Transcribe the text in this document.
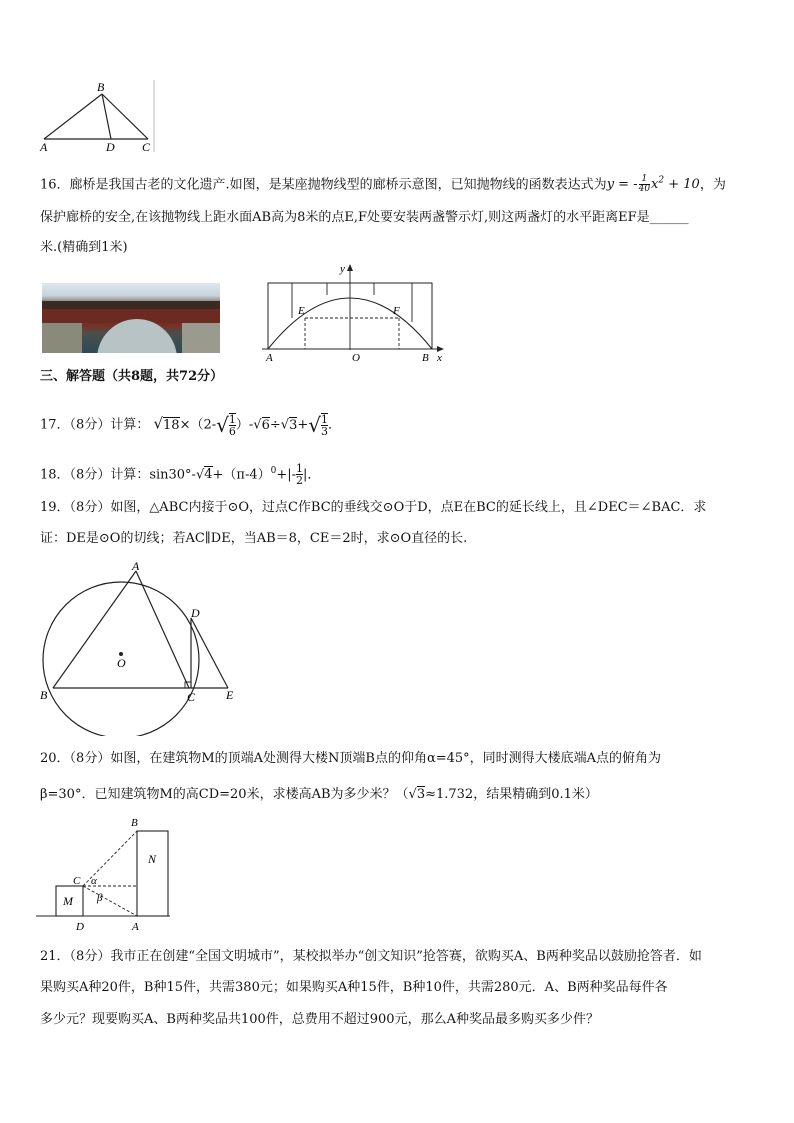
B
A	D C
16．廊桥是我国古老的文化遗产.如图，是某座抛物线型的廊桥示意图，已知抛物线的函数表达式为y = - $\frac{1}{40} x^2 + 10$，为
保护廊桥的安全,在该抛物线上距水面AB高为8米的点E,F处要安装两盏警示灯,则这两盏灯的水平距离EF是______
米.(精确到1米)
y
x
E	F
A	O	B
三、解答题（共8题，共72分）
17．（8分）计算： $√18\times(2-√ \frac{1}{6} )-√6\div√3+√ \frac{1}{3}$ ．
18．（8分）计算：$\sin 30^\circ-√4+(\pi-4)^0+|- \frac{1}{2}$ |．
19．（8分）如图，△ABC内接于⊙O，过点C作BC的垂线交⊙O于D，点E在BC的延长线上，且∠DEC＝∠BAC．求
证：DE是⊙O的切线；若AC∥DE，当AB＝8，CE＝2时，求⊙O直径的长.
A
D
O
B	C	E
20．（8分）如图，在建筑物M的顶端A处测得大楼N顶端B点的仰角α=45°，同时测得大楼底端A点的俯角为
β=30°．已知建筑物M的高CD=20米，求楼高AB为多少米？（√3≈1.732，结果精确到0.1米）
B
N
C α
β
M
D	A
21．（8分）我市正在创建“全国文明城市”，某校拟举办“创文知识”抢答赛，欲购买A、B两种奖品以鼓励抢答者．如
果购买A种20件，B种15件，共需380元；如果购买A种15件，B种10件，共需280元．A、B两种奖品每件各
多少元？现要购买A、B两种奖品共100件，总费用不超过900元，那么A种奖品最多购买多少件？
